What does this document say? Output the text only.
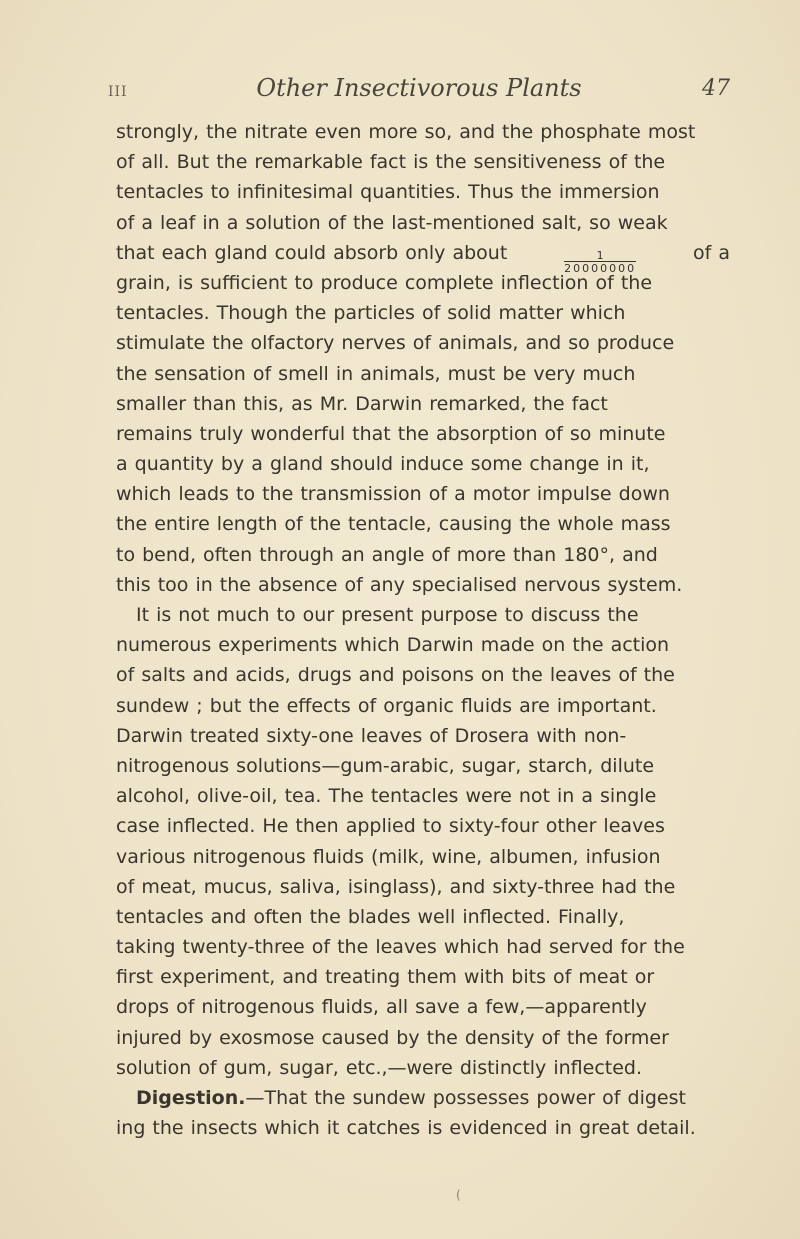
III	Other Insectivorous Plants	47
strongly, the nitrate even more so, and the phosphate most
of all. But the remarkable fact is the sensitiveness of the
tentacles to infinitesimal quantities. Thus the immersion
of a leaf in a solution of the last-mentioned salt, so weak
that each gland could absorb only about	$\frac{1}{20000000}$	of a
grain, is sufficient to produce complete inflection of the
tentacles. Though the particles of solid matter which
stimulate the olfactory nerves of animals, and so produce
the sensation of smell in animals, must be very much
smaller than this, as Mr. Darwin remarked, the fact
remains truly wonderful that the absorption of so minute
a quantity by a gland should induce some change in it,
which leads to the transmission of a motor impulse down
the entire length of the tentacle, causing the whole mass
to bend, often through an angle of more than 180°, and
this too in the absence of any specialised nervous system.
It is not much to our present purpose to discuss the
numerous experiments which Darwin made on the action
of salts and acids, drugs and poisons on the leaves of the
sundew ; but the effects of organic fluids are important.
Darwin treated sixty-one leaves of Drosera with non-
nitrogenous solutions—gum-arabic, sugar, starch, dilute
alcohol, olive-oil, tea. The tentacles were not in a single
case inflected. He then applied to sixty-four other leaves
various nitrogenous fluids (milk, wine, albumen, infusion
of meat, mucus, saliva, isinglass), and sixty-three had the
tentacles and often the blades well inflected. Finally,
taking twenty-three of the leaves which had served for the
first experiment, and treating them with bits of meat or
drops of nitrogenous fluids, all save a few,—apparently
injured by exosmose caused by the density of the former
solution of gum, sugar, etc.,—were distinctly inflected.
Digestion. —That the sundew possesses power of digest
ing the insects which it catches is evidenced in great detail.
(
